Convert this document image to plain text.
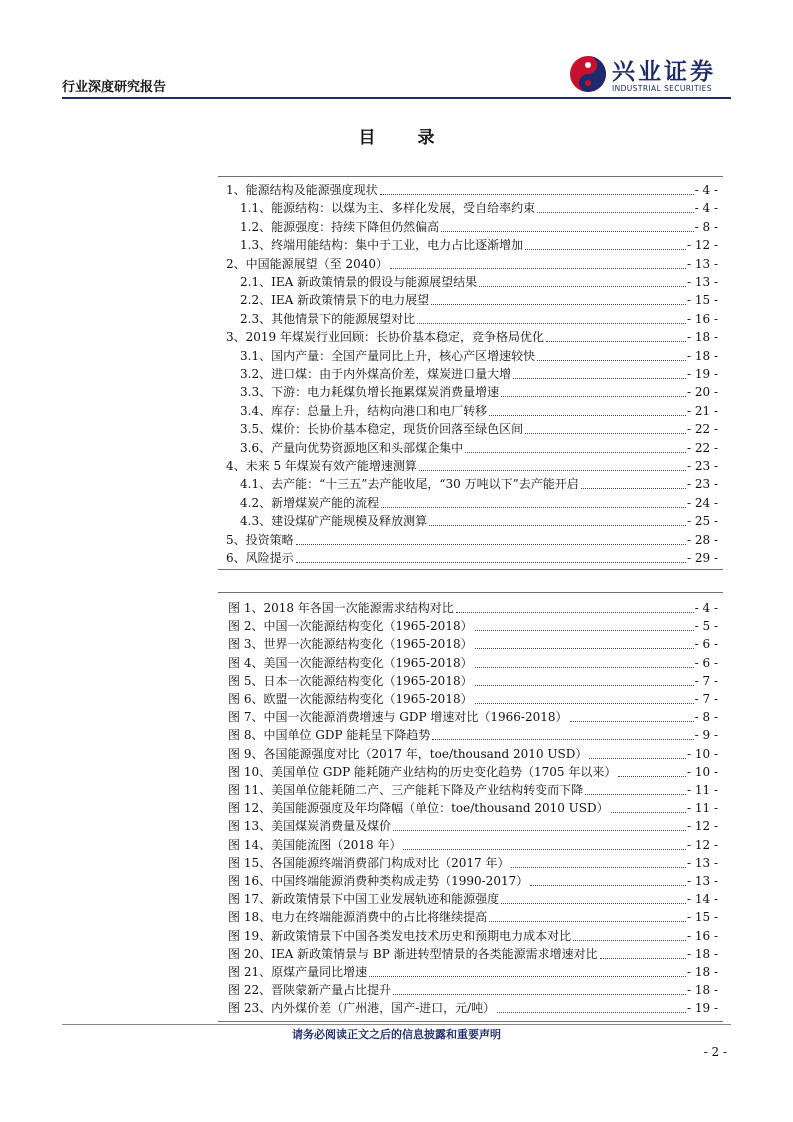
行业深度研究报告
兴业证券
INDUSTRIAL SECURITIES
目 录
1、能源结构及能源强度现状	- 4 -
1.1、能源结构：以煤为主、多样化发展，受自给率约束	- 4 -
1.2、能源强度：持续下降但仍然偏高	- 8 -
1.3、终端用能结构：集中于工业，电力占比逐渐增加	- 12 -
2、中国能源展望（至 2040）	- 13 -
2.1、IEA 新政策情景的假设与能源展望结果	- 13 -
2.2、IEA 新政策情景下的电力展望	- 15 -
2.3、其他情景下的能源展望对比	- 16 -
3、2019 年煤炭行业回顾：长协价基本稳定，竞争格局优化	- 18 -
3.1、国内产量：全国产量同比上升，核心产区增速较快	- 18 -
3.2、进口煤：由于内外煤高价差，煤炭进口量大增	- 19 -
3.3、下游：电力耗煤负增长拖累煤炭消费量增速	- 20 -
3.4、库存：总量上升，结构向港口和电厂转移	- 21 -
3.5、煤价：长协价基本稳定，现货价回落至绿色区间	- 22 -
3.6、产量向优势资源地区和头部煤企集中	- 22 -
4、未来 5 年煤炭有效产能增速测算	- 23 -
4.1、去产能：“十三五”去产能收尾，“30 万吨以下”去产能开启	- 23 -
4.2、新增煤炭产能的流程	- 24 -
4.3、建设煤矿产能规模及释放测算	- 25 -
5、投资策略	- 28 -
6、风险提示	- 29 -
图 1、2018 年各国一次能源需求结构对比	- 4 -
图 2、中国一次能源结构变化（1965-2018）	- 5 -
图 3、世界一次能源结构变化（1965-2018）	- 6 -
图 4、美国一次能源结构变化（1965-2018）	- 6 -
图 5、日本一次能源结构变化（1965-2018）	- 7 -
图 6、欧盟一次能源结构变化（1965-2018）	- 7 -
图 7、中国一次能源消费增速与 GDP 增速对比（1966-2018）	- 8 -
图 8、中国单位 GDP 能耗呈下降趋势	- 9 -
图 9、各国能源强度对比（2017 年，toe/thousand 2010 USD）	- 10 -
图 10、美国单位 GDP 能耗随产业结构的历史变化趋势（1705 年以来）	- 10 -
图 11、美国单位能耗随二产、三产能耗下降及产业结构转变而下降	- 11 -
图 12、美国能源强度及年均降幅（单位：toe/thousand 2010 USD）	- 11 -
图 13、美国煤炭消费量及煤价	- 12 -
图 14、美国能流图（2018 年）	- 12 -
图 15、各国能源终端消费部门构成对比（2017 年）	- 13 -
图 16、中国终端能源消费种类构成走势（1990-2017）	- 13 -
图 17、新政策情景下中国工业发展轨迹和能源强度	- 14 -
图 18、电力在终端能源消费中的占比将继续提高	- 15 -
图 19、新政策情景下中国各类发电技术历史和预期电力成本对比	- 16 -
图 20、IEA 新政策情景与 BP 渐进转型情景的各类能源需求增速对比	- 18 -
图 21、原煤产量同比增速	- 18 -
图 22、晋陕蒙新产量占比提升	- 18 -
图 23、内外煤价差（广州港，国产-进口，元/吨）	- 19 -
请务必阅读正文之后的信息披露和重要声明
- 2 -
